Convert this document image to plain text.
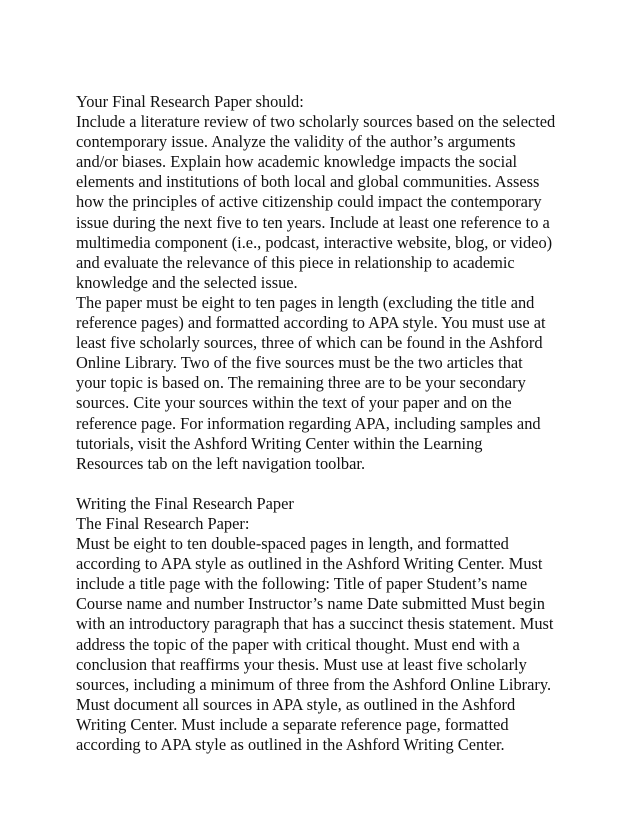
Your Final Research Paper should:
Include a literature review of two scholarly sources based on the selected
contemporary issue. Analyze the validity of the author’s arguments
and/or biases. Explain how academic knowledge impacts the social
elements and institutions of both local and global communities. Assess
how the principles of active citizenship could impact the contemporary
issue during the next five to ten years. Include at least one reference to a
multimedia component (i.e., podcast, interactive website, blog, or video)
and evaluate the relevance of this piece in relationship to academic
knowledge and the selected issue.
The paper must be eight to ten pages in length (excluding the title and
reference pages) and formatted according to APA style. You must use at
least five scholarly sources, three of which can be found in the Ashford
Online Library. Two of the five sources must be the two articles that
your topic is based on. The remaining three are to be your secondary
sources. Cite your sources within the text of your paper and on the
reference page. For information regarding APA, including samples and
tutorials, visit the Ashford Writing Center within the Learning
Resources tab on the left navigation toolbar.
Writing the Final Research Paper
The Final Research Paper:
Must be eight to ten double-spaced pages in length, and formatted
according to APA style as outlined in the Ashford Writing Center. Must
include a title page with the following: Title of paper Student’s name
Course name and number Instructor’s name Date submitted Must begin
with an introductory paragraph that has a succinct thesis statement. Must
address the topic of the paper with critical thought. Must end with a
conclusion that reaffirms your thesis. Must use at least five scholarly
sources, including a minimum of three from the Ashford Online Library.
Must document all sources in APA style, as outlined in the Ashford
Writing Center. Must include a separate reference page, formatted
according to APA style as outlined in the Ashford Writing Center.
